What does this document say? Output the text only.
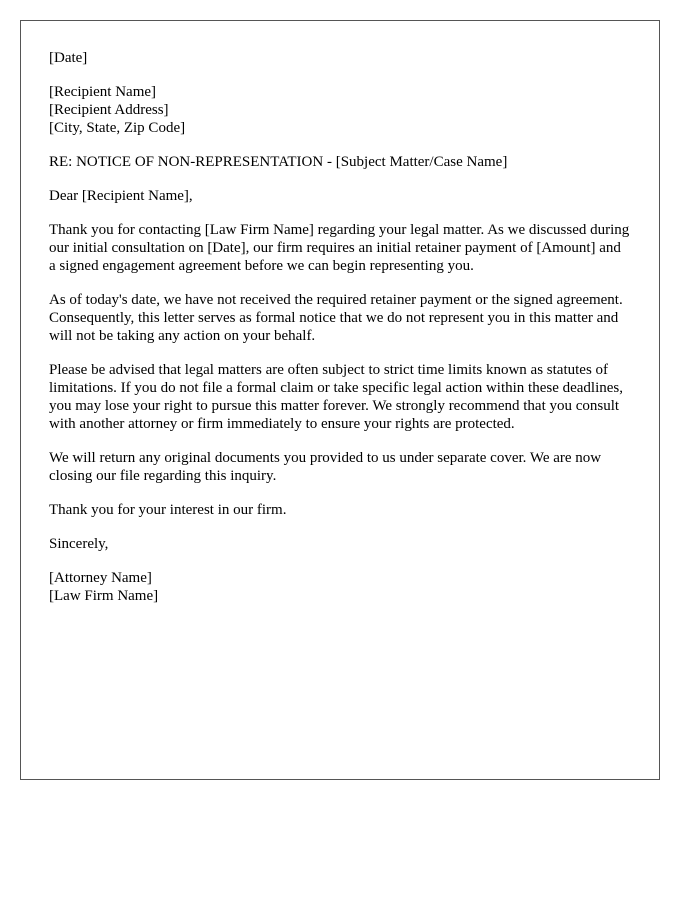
[Date]

[Recipient Name]
[Recipient Address]
[City, State, Zip Code]

RE: NOTICE OF NON-REPRESENTATION - [Subject Matter/Case Name]

Dear [Recipient Name],

Thank you for contacting [Law Firm Name] regarding your legal matter. As we discussed during our initial consultation on [Date], our firm requires an initial retainer payment of [Amount] and a signed engagement agreement before we can begin representing you.

As of today's date, we have not received the required retainer payment or the signed agreement. Consequently, this letter serves as formal notice that we do not represent you in this matter and will not be taking any action on your behalf.

Please be advised that legal matters are often subject to strict time limits known as statutes of limitations. If you do not file a formal claim or take specific legal action within these deadlines, you may lose your right to pursue this matter forever. We strongly recommend that you consult with another attorney or firm immediately to ensure your rights are protected.

We will return any original documents you provided to us under separate cover. We are now closing our file regarding this inquiry.

Thank you for your interest in our firm.

Sincerely,

[Attorney Name]
[Law Firm Name]
